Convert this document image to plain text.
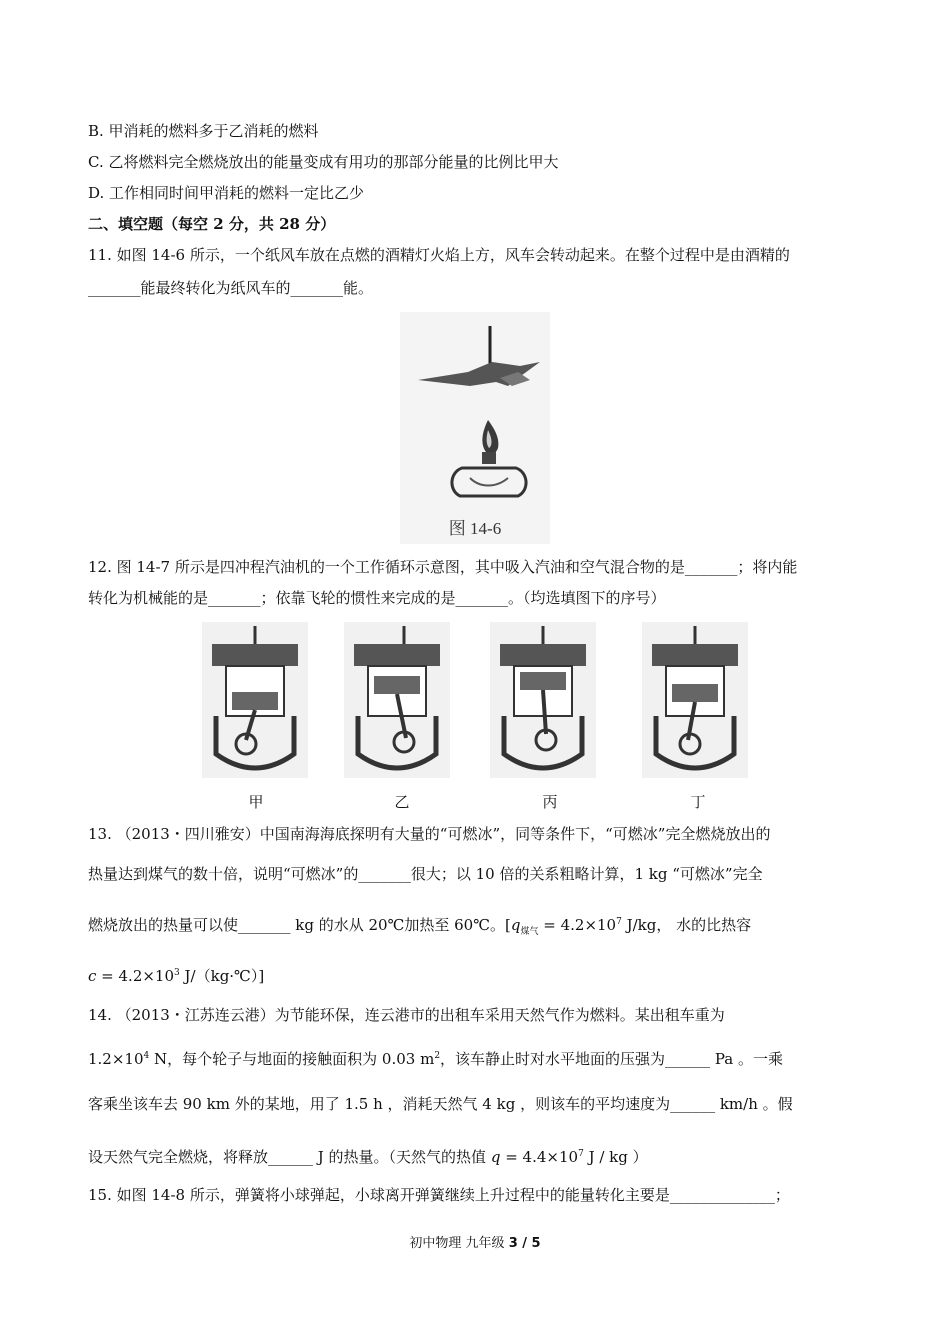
B. 甲消耗的燃料多于乙消耗的燃料
C. 乙将燃料完全燃烧放出的能量变成有用功的那部分能量的比例比甲大
D. 工作相同时间甲消耗的燃料一定比乙少
二、填空题（每空 2 分，共 28 分）
11. 如图 14-6 所示，一个纸风车放在点燃的酒精灯火焰上方，风车会转动起来。在整个过程中是由酒精的
_______能最终转化为纸风车的_______能。
图 14-6
12. 图 14-7 所示是四冲程汽油机的一个工作循环示意图，其中吸入汽油和空气混合物的是_______；将内能
转化为机械能的是_______；依靠飞轮的惯性来完成的是_______。（均选填图下的序号）
甲	乙	丙	丁
13. （2013・四川雅安）中国南海海底探明有大量的“可燃冰”，同等条件下，“可燃冰”完全燃烧放出的
热量达到煤气的数十倍，说明“可燃冰”的_______很大；以 10 倍的关系粗略计算，1 kg “可燃冰”完全
燃烧放出的热量可以使_______ kg 的水从 20℃加热至 60℃。[$q_{煤气} = 4.2\times 10^7$ J/kg， 水的比热容
$c = 4.2\times 10^3$ J/（kg·℃）]
14. （2013・江苏连云港）为节能环保，连云港市的出租车采用天然气作为燃料。某出租车重为
$1.2\times 10^4$ N，每个轮子与地面的接触面积为 0.03 $m^2$，该车静止时对水平地面的压强为______ Pa 。一乘
客乘坐该车去 90 km 外的某地，用了 1.5 h ，消耗天然气 4 kg ，则该车的平均速度为______ km/h 。假
设天然气完全燃烧，将释放______ J 的热量。（天然气的热值 $q = 4.4\times 10^7$ J / kg ）
15. 如图 14-8 所示，弹簧将小球弹起，小球离开弹簧继续上升过程中的能量转化主要是______________；
初中物理 九年级 3 / 5
